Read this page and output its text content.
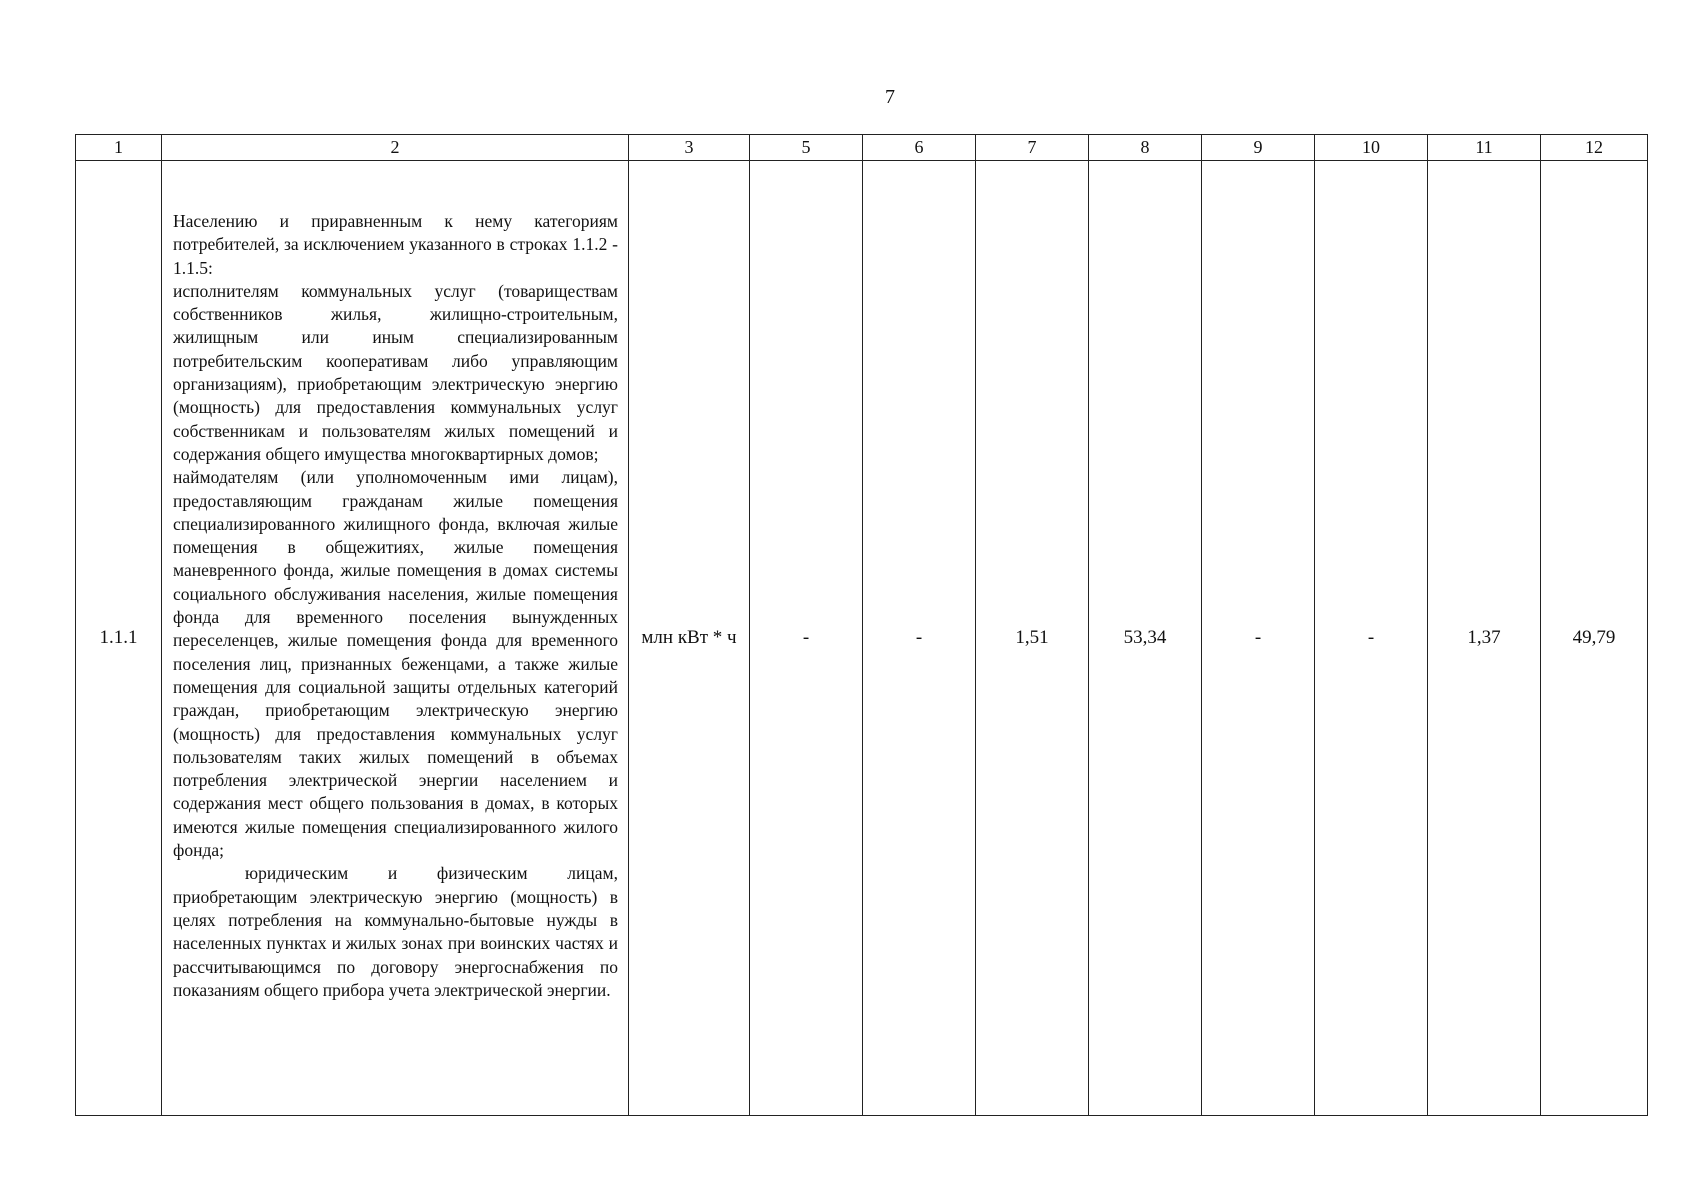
7
1	2	3	5	6	7	8	9	10	11	12
1.1.1	Населению и приравненным к нему категориям потребителей, за исключением указанного в строках 1.1.2 - 1.1.5:

исполнителям коммунальных услуг (товариществам собственников жилья, жилищно-строительным, жилищным или иным специализированным потребительским кооперативам либо управляющим организациям), приобретающим электрическую энергию (мощность) для предоставления коммунальных услуг собственникам и пользователям жилых помещений и содержания общего имущества многоквартирных домов;

наймодателям (или уполномоченным ими лицам), предоставляющим гражданам жилые помещения специализированного жилищного фонда, включая жилые помещения в общежитиях, жилые помещения маневренного фонда, жилые помещения в домах системы социального обслуживания населения, жилые помещения фонда для временного поселения вынужденных переселенцев, жилые помещения фонда для временного поселения лиц, признанных беженцами, а также жилые помещения для социальной защиты отдельных категорий граждан, приобретающим электрическую энергию (мощность) для предоставления коммунальных услуг пользователям таких жилых помещений в объемах потребления электрической энергии населением и содержания мест общего пользования в домах, в которых имеются жилые помещения специализированного жилого фонда;

юридическим и физическим лицам, приобретающим электрическую энергию (мощность) в целях потребления на коммунально-бытовые нужды в населенных пунктах и жилых зонах при воинских частях и рассчитывающимся по договору энергоснабжения по показаниям общего прибора учета электрической энергии.	млн кВт * ч	-	-	1,51	53,34	-	-	1,37	49,79
